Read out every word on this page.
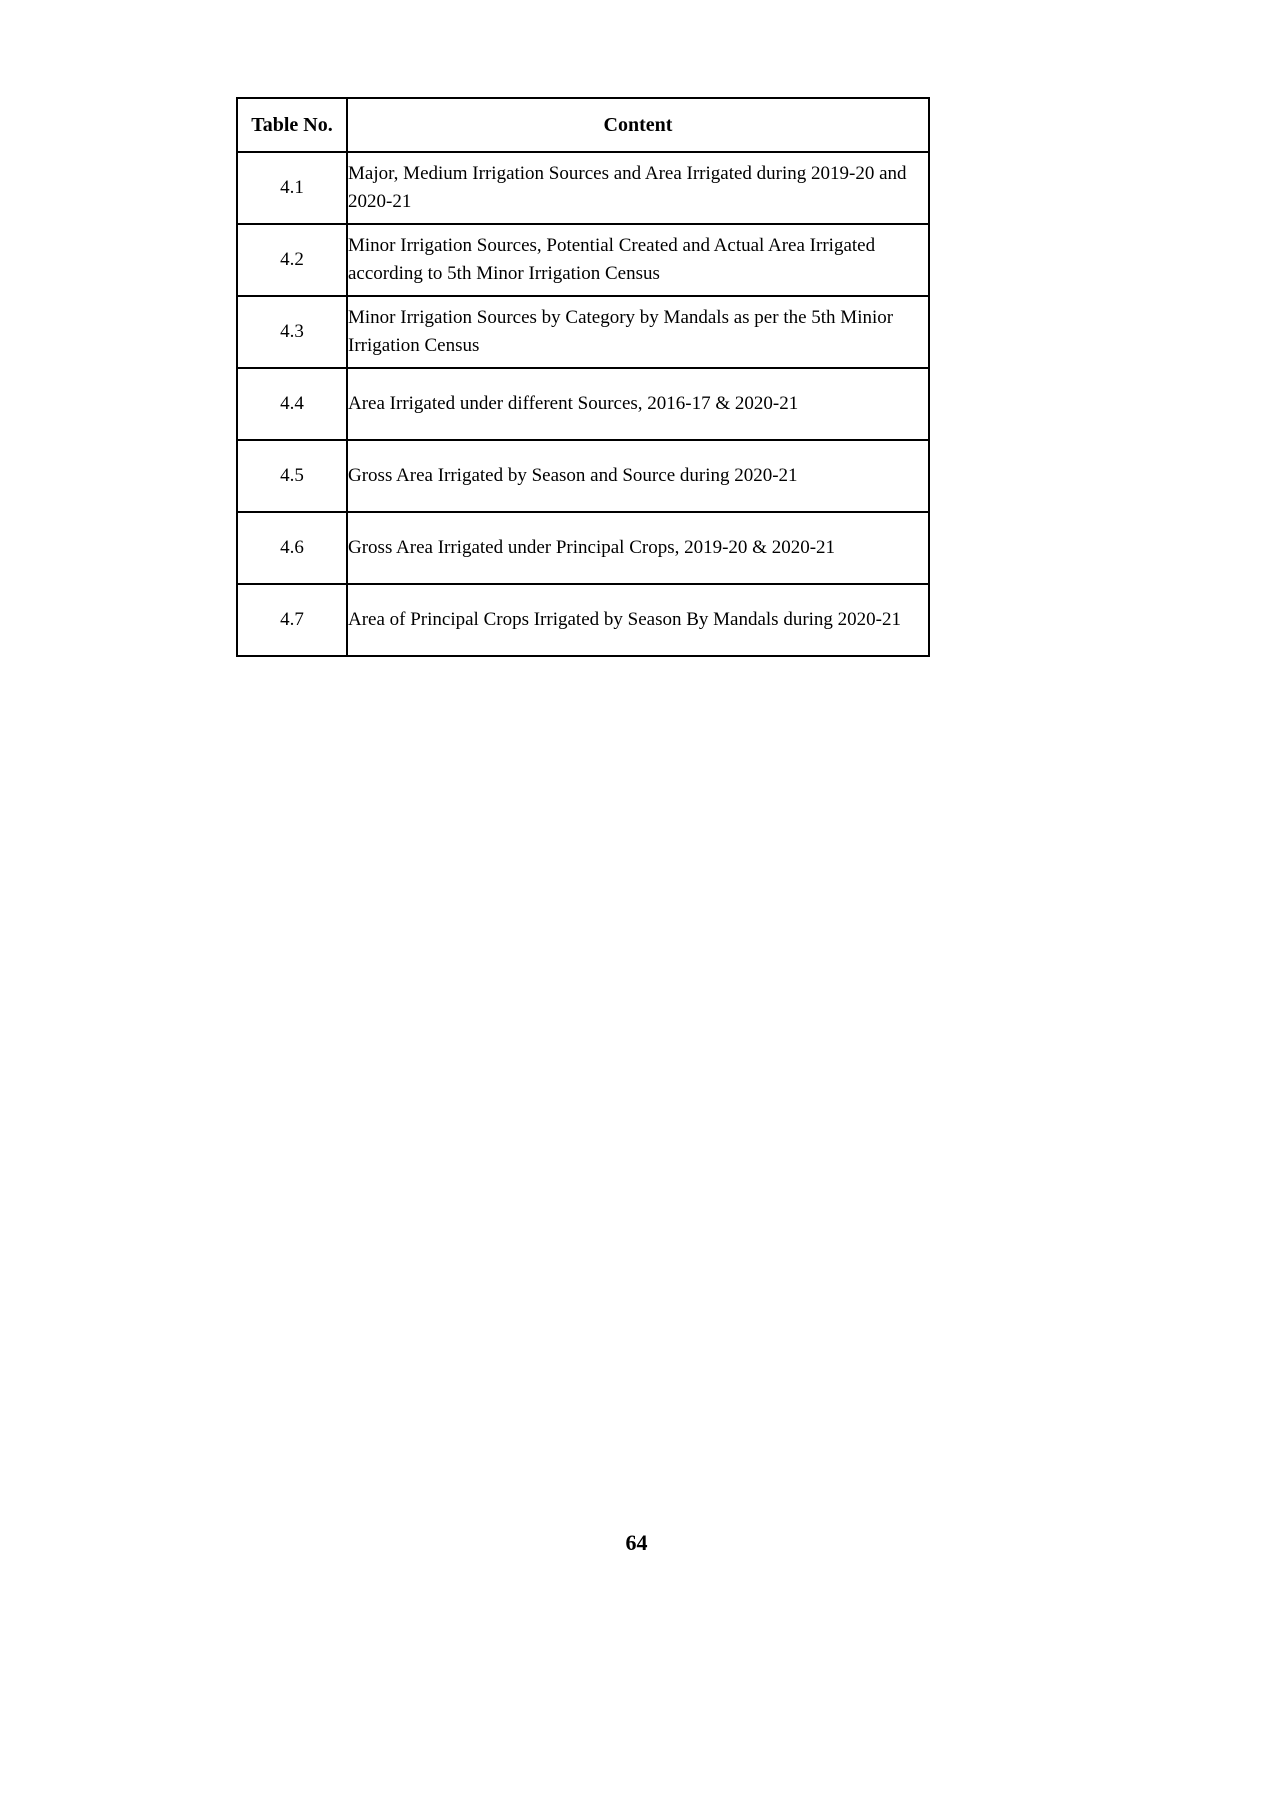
Table No.	Content
4.1	Major, Medium Irrigation Sources and Area Irrigated during 2019-20 and 2020-21
4.2	Minor Irrigation Sources, Potential Created and Actual Area Irrigated according to 5th Minor Irrigation Census
4.3	Minor Irrigation Sources by Category by Mandals as per the 5th Minior Irrigation Census
4.4	Area Irrigated under different Sources, 2016-17 & 2020-21
4.5	Gross Area Irrigated by Season and Source during 2020-21
4.6	Gross Area Irrigated under Principal Crops, 2019-20 & 2020-21
4.7	Area of Principal Crops Irrigated by Season By Mandals during 2020-21
64
